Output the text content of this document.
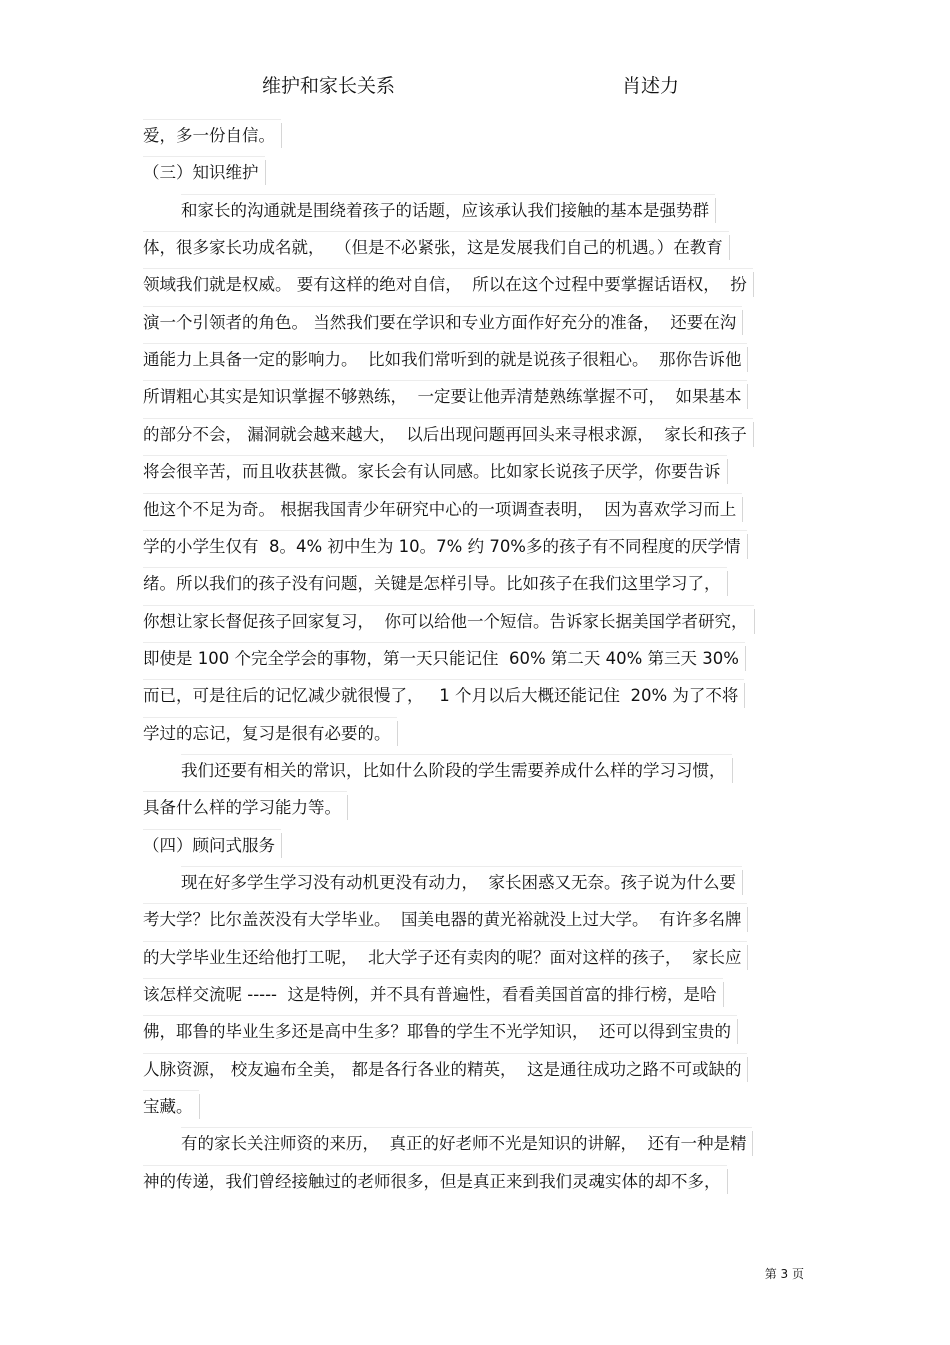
维护和家长关系	肖述力
爱，多一份自信。
（三）知识维护
和家长的沟通就是围绕着孩子的话题，应该承认我们接触的基本是强势群
体，很多家长功成名就，  （但是不必紧张，这是发展我们自己的机遇。）在教育
领域我们就是权威。 要有这样的绝对自信，  所以在这个过程中要掌握话语权，  扮
演一个引领者的角色。 当然我们要在学识和专业方面作好充分的准备，  还要在沟
通能力上具备一定的影响力。  比如我们常听到的就是说孩子很粗心。  那你告诉他
所谓粗心其实是知识掌握不够熟练，  一定要让他弄清楚熟练掌握不可，  如果基本
的部分不会， 漏洞就会越来越大，  以后出现问题再回头来寻根求源，  家长和孩子
将会很辛苦，而且收获甚微。家长会有认同感。比如家长说孩子厌学，你要告诉
他这个不足为奇。 根据我国青少年研究中心的一项调查表明，  因为喜欢学习而上
学的小学生仅有  8。4% 初中生为 10。7% 约 70%多的孩子有不同程度的厌学情
绪。所以我们的孩子没有问题，关键是怎样引导。比如孩子在我们这里学习了，
你想让家长督促孩子回家复习，  你可以给他一个短信。告诉家长据美国学者研究，
即使是 100 个完全学会的事物，第一天只能记住  60% 第二天 40% 第三天 30%
而已，可是往后的记忆减少就很慢了，   1 个月以后大概还能记住  20% 为了不将
学过的忘记，复习是很有必要的。
我们还要有相关的常识，比如什么阶段的学生需要养成什么样的学习习惯，
具备什么样的学习能力等。
（四）顾问式服务
现在好多学生学习没有动机更没有动力，  家长困惑又无奈。孩子说为什么要
考大学？比尔盖茨没有大学毕业。  国美电器的黄光裕就没上过大学。  有许多名牌
的大学毕业生还给他打工呢，  北大学子还有卖肉的呢？面对这样的孩子，  家长应
该怎样交流呢 -----  这是特例，并不具有普遍性，看看美国首富的排行榜，是哈
佛，耶鲁的毕业生多还是高中生多？耶鲁的学生不光学知识，  还可以得到宝贵的
人脉资源， 校友遍布全美， 都是各行各业的精英，  这是通往成功之路不可或缺的
宝藏。
有的家长关注师资的来历，  真正的好老师不光是知识的讲解，  还有一种是精
神的传递，我们曾经接触过的老师很多，但是真正来到我们灵魂实体的却不多，
第 3 页
